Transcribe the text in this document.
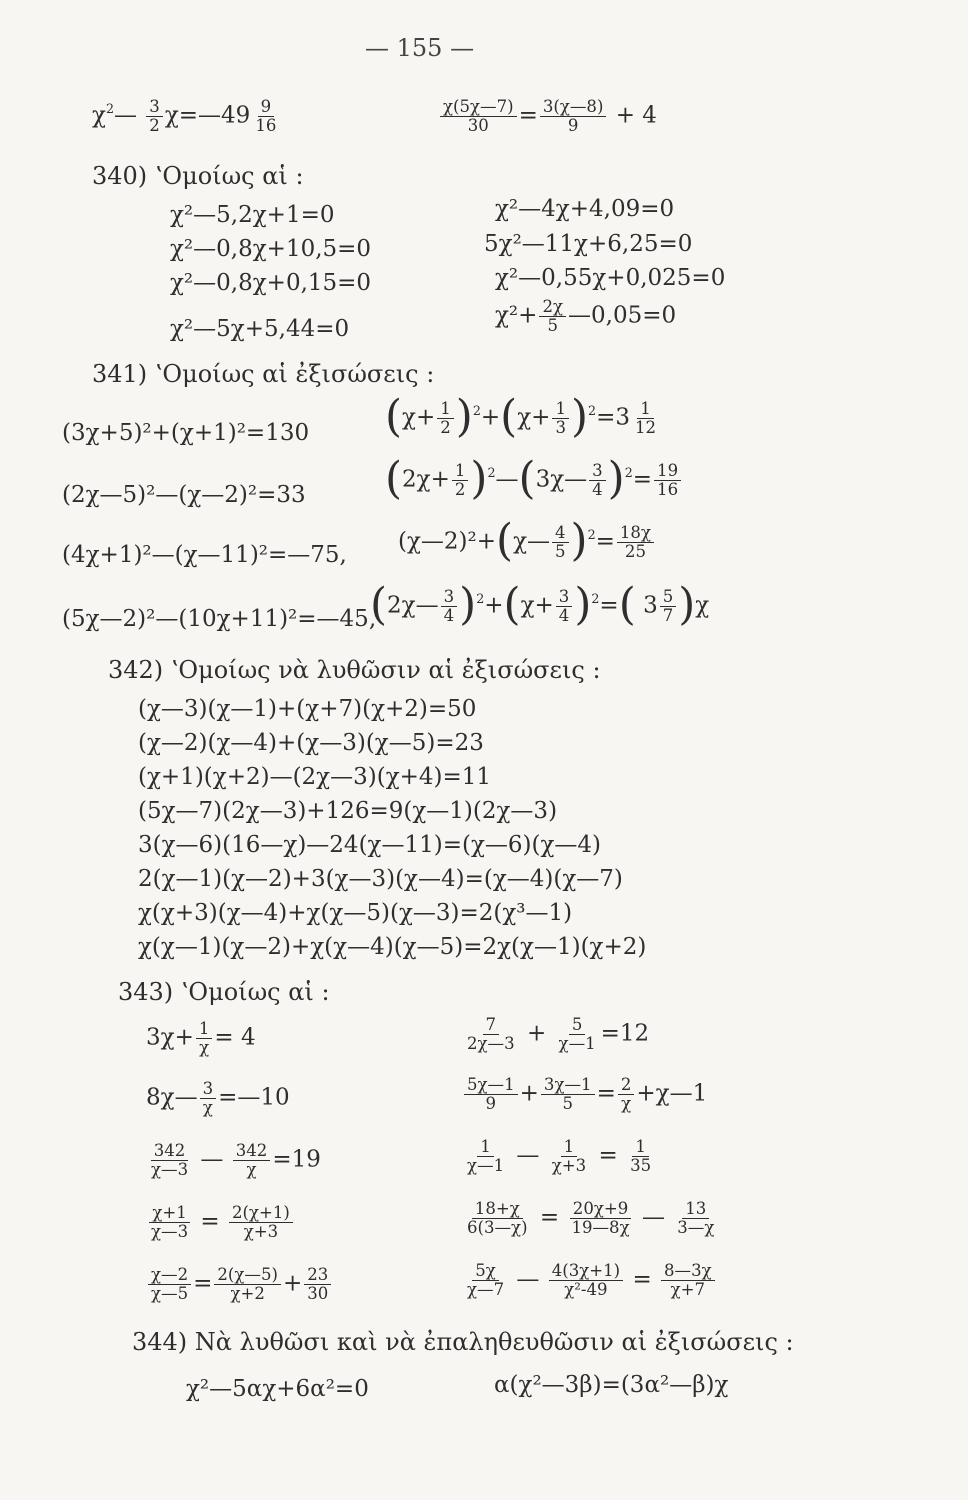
— 155 —
$\chi^2— \frac{3}{2}$ χ=—49 $\frac{9}{16}$	$\frac{\chi(5\chi—7)}{30} = \frac{3(\chi—8)}{9} + 4$
340) ʽΟμοίως αἱ :
χ²—5,2χ+1=0
χ²—0,8χ+10,5=0
χ²—0,8χ+0,15=0
χ²—5χ+5,44=0
χ²—4χ+4,09=0
5χ²—11χ+6,25=0
χ²—0,55χ+0,025=0
$\chi^2+ \frac{2\chi}{5}$ —0,05=0
341) ʽΟμοίως αἱ ἐξισώσεις :
(3χ+5)²+(χ+1)²=130
(2χ—5)²—(χ—2)²=33
(4χ+1)²—(χ—11)²=—75,
(5χ—2)²—(10χ+11)²=—45,
$(\chi+ \frac{1}{2} )^2+(\chi+ \frac{1}{3} )^2=3 \frac{1}{12}$
($2\chi+ \frac{1}{2}$ )$^2—(3\chi— \frac{3}{4} )^2= \frac{19}{16}$
(χ—2)²+(χ— $\frac{4}{5} )^2= \frac{18\chi}{25}$
(2χ— $\frac{3}{4} )^2+(\chi+ \frac{3}{4} )^2=$( $3 \frac{5}{7} )\chi$
342) ʽΟμοίως νὰ λυθῶσιν αἱ ἐξισώσεις :
(χ—3)(χ—1)+(χ+7)(χ+2)=50
(χ—2)(χ—4)+(χ—3)(χ—5)=23
(χ+1)(χ+2)—(2χ—3)(χ+4)=11
(5χ—7)(2χ—3)+126=9(χ—1)(2χ—3)
3(χ—6)(16—χ)—24(χ—11)=(χ—6)(χ—4)
2(χ—1)(χ—2)+3(χ—3)(χ—4)=(χ—4)(χ—7)
χ(χ+3)(χ—4)+χ(χ—5)(χ—3)=2(χ³—1)
χ(χ—1)(χ—2)+χ(χ—4)(χ—5)=2χ(χ—1)(χ+2)
343) ʽΟμοίως αἱ :
$3\chi+ \frac{1}{\chi} = 4$
8χ— $\frac{3}{\chi}$ =—10
$\frac{342}{\chi—3}$ — $\frac{342}{\chi} =19$
$\frac{\chi+1}{\chi—3} = \frac{2(\chi+1)}{\chi+3}$
$\frac{\chi—2}{\chi—5} = \frac{2(\chi—5)}{\chi+2} + \frac{23}{30}$
$\frac{7}{2\chi—3} + \frac{5}{\chi—1} =12$
$\frac{5\chi—1}{9} + \frac{3\chi—1}{5} = \frac{2}{\chi}$ +χ—1
$\frac{1}{\chi—1}$ — $\frac{1}{\chi+3} = \frac{1}{35}$
$\frac{18+\chi}{6(3—\chi)} = \frac{20\chi+9}{19—8\chi}$ — $\frac{13}{3—\chi}$
$\frac{5\chi}{\chi—7}$ — $\frac{4(3\chi+1)}{\text{χ²-49}} = \frac{8—3\chi}{\chi+7}$
344) Νὰ λυθῶσι καὶ νὰ ἐπαληθευθῶσιν αἱ ἐξισώσεις :
χ²—5αχ+6α²=0	α(χ²—3β)=(3α²—β)χ
